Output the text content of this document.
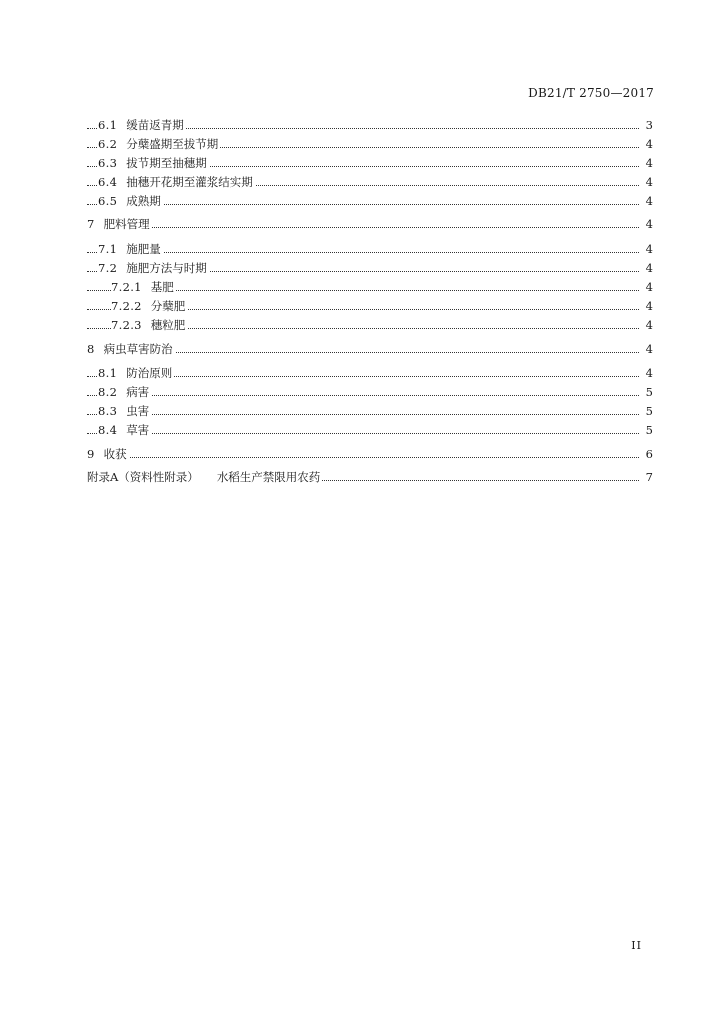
DB21/T 2750—2017
6.1 缓苗返青期	3
6.2 分蘖盛期至拔节期	4
6.3 拔节期至抽穗期	4
6.4 抽穗开花期至灌浆结实期	4
6.5 成熟期	4
7 肥料管理	4
7.1 施肥量	4
7.2 施肥方法与时期	4
7.2.1 基肥	4
7.2.2 分蘖肥	4
7.2.3 穗粒肥	4
8 病虫草害防治	4
8.1 防治原则	4
8.2 病害	5
8.3 虫害	5
8.4 草害	5
9 收获	6
附录A（资料性附录） 水稻生产禁限用农药	7
II
